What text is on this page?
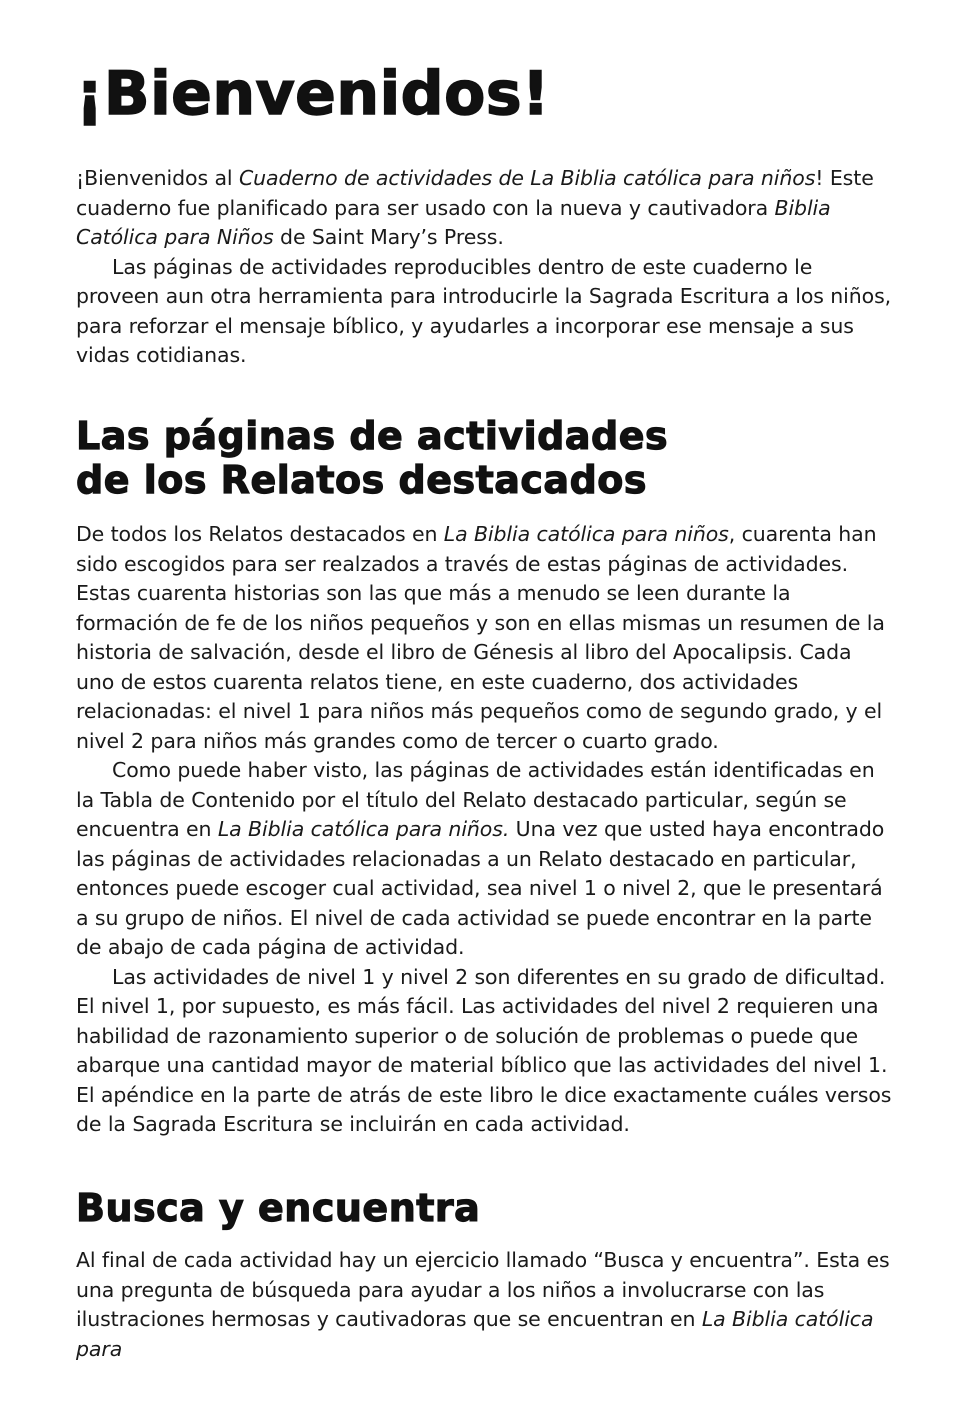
¡Bienvenidos!

¡Bienvenidos al Cuaderno de actividades de La Biblia católica para niños! Este cuaderno fue planificado para ser usado con la nueva y cautivadora Biblia Católica para Niños de Saint Mary’s Press.

Las páginas de actividades reproducibles dentro de este cuaderno le proveen aun otra herramienta para introducirle la Sagrada Escritura a los niños, para reforzar el mensaje bíblico, y ayudarles a incorporar ese mensaje a sus vidas cotidianas.

Las páginas de actividades
de los Relatos destacados

De todos los Relatos destacados en La Biblia católica para niños, cuarenta han sido escogidos para ser realzados a través de estas páginas de actividades. Estas cuarenta historias son las que más a menudo se leen durante la formación de fe de los niños pequeños y son en ellas mismas un resumen de la historia de salvación, desde el libro de Génesis al libro del Apocalipsis. Cada uno de estos cuarenta relatos tiene, en este cuaderno, dos actividades relacionadas: el nivel 1 para niños más pequeños como de segundo grado, y el nivel 2 para niños más grandes como de tercer o cuarto grado.

Como puede haber visto, las páginas de actividades están identificadas en la Tabla de Contenido por el título del Relato destacado particular, según se encuentra en La Biblia católica para niños. Una vez que usted haya encontrado las páginas de actividades relacionadas a un Relato destacado en particular, entonces puede escoger cual actividad, sea nivel 1 o nivel 2, que le presentará a su grupo de niños. El nivel de cada actividad se puede encontrar en la parte de abajo de cada página de actividad.

Las actividades de nivel 1 y nivel 2 son diferentes en su grado de dificultad. El nivel 1, por supuesto, es más fácil. Las actividades del nivel 2 requieren una habilidad de razonamiento superior o de solución de problemas o puede que abarque una cantidad mayor de material bíblico que las actividades del nivel 1. El apéndice en la parte de atrás de este libro le dice exactamente cuáles versos de la Sagrada Escritura se incluirán en cada actividad.

Busca y encuentra

Al final de cada actividad hay un ejercicio llamado “Busca y encuentra”. Esta es una pregunta de búsqueda para ayudar a los niños a involucrarse con las ilustraciones hermosas y cautivadoras que se encuentran en La Biblia católica para
